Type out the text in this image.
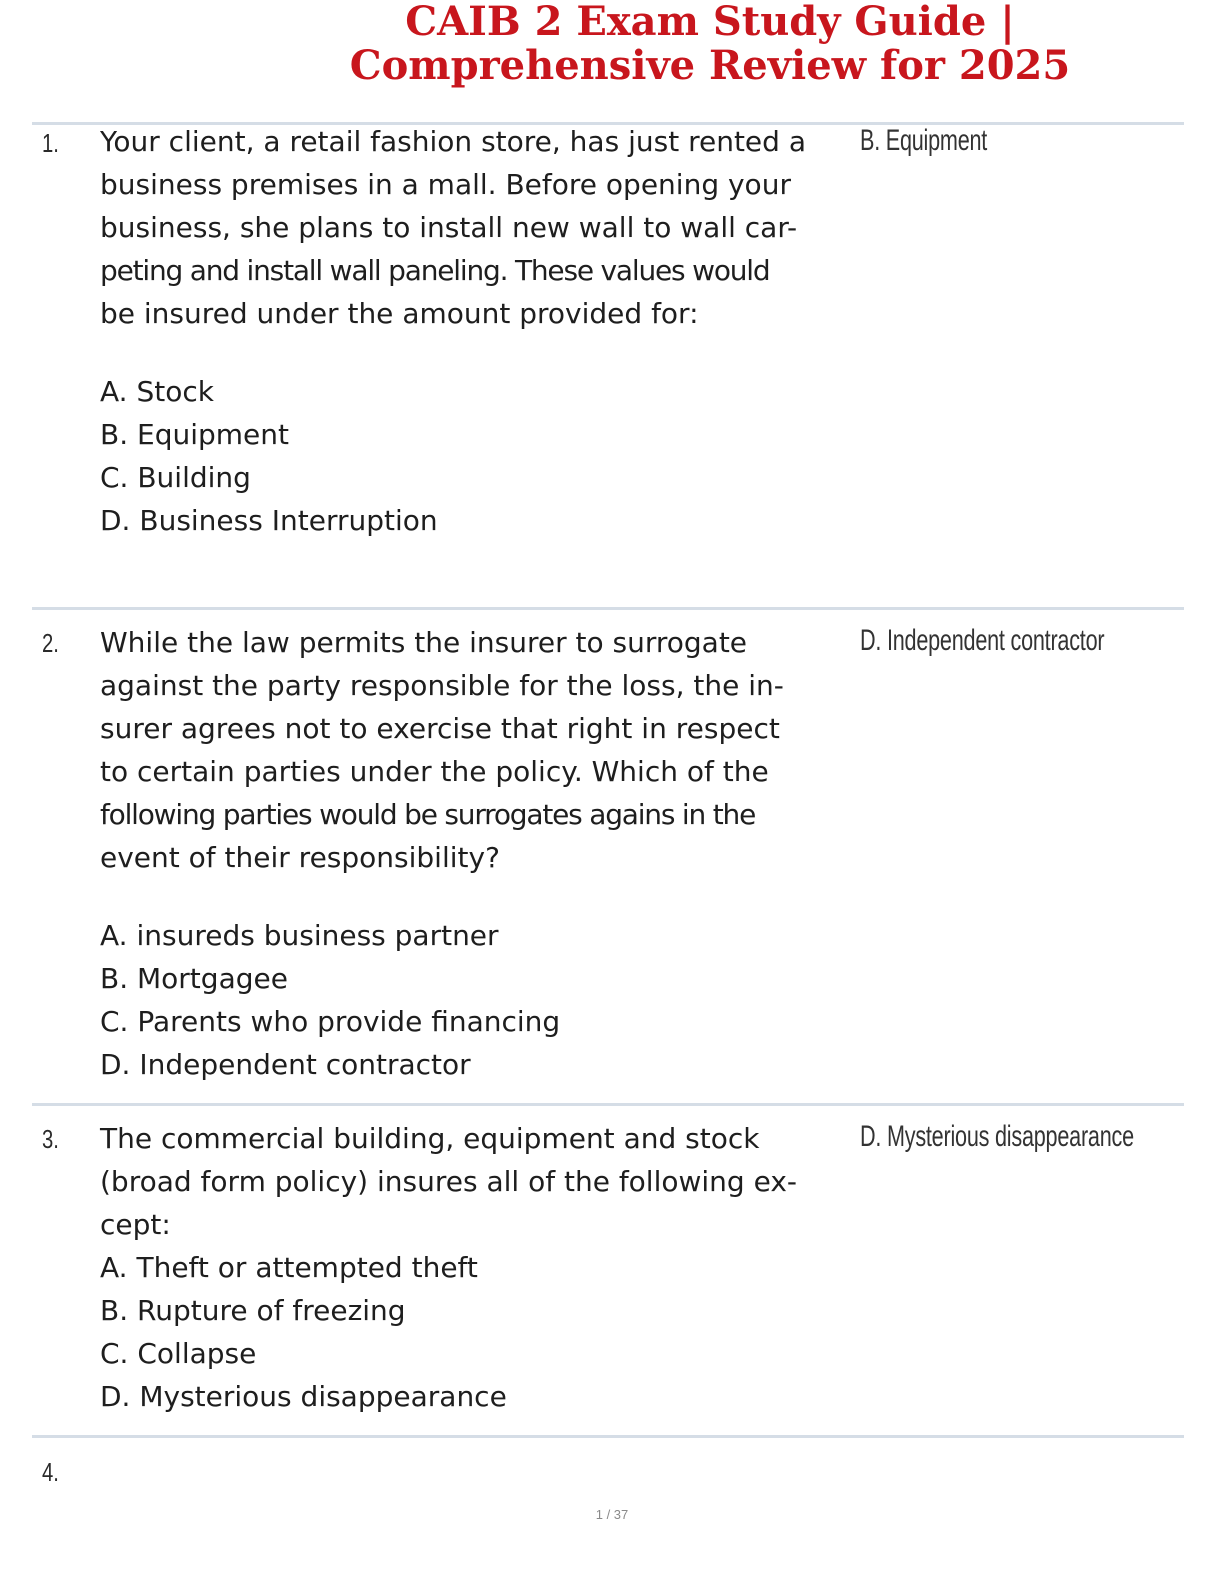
CAIB 2 Exam Study Guide |
Comprehensive Review for 2025
1. Your client, a retail fashion store, has just rented a
business premises in a mall. Before opening your
business, she plans to install new wall to wall car-
peting and install wall paneling. These values would
be insured under the amount provided for:

A. Stock
B. Equipment
C. Building
D. Business Interruption
B. Equipment
2. While the law permits the insurer to surrogate
against the party responsible for the loss, the in-
surer agrees not to exercise that right in respect
to certain parties under the policy. Which of the
following parties would be surrogates agains in the
event of their responsibility?

A. insureds business partner
B. Mortgagee
C. Parents who provide financing
D. Independent contractor
D. Independent contractor
3. The commercial building, equipment and stock
(broad form policy) insures all of the following ex-
cept:

A. Theft or attempted theft
B. Rupture of freezing
C. Collapse
D. Mysterious disappearance
D. Mysterious disappearance
4.
1 / 37
